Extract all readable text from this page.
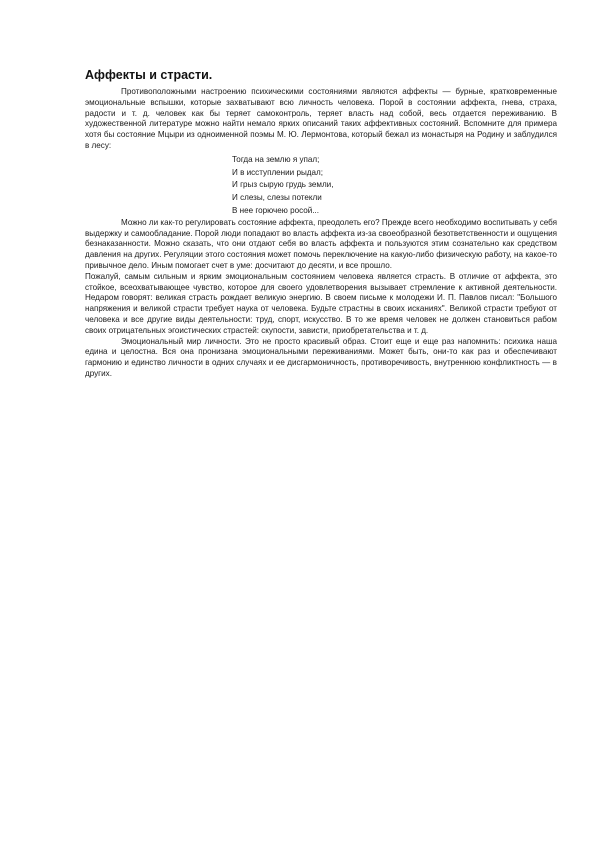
Аффекты и страсти.

Противоположными настроению психическими состояниями являются аффекты — бурные, кратковременные эмоциональные вспышки, которые захватывают всю личность человека. Порой в состоянии аффекта, гнева, страха, радости и т. д. человек как бы теряет самоконтроль, теряет власть над собой, весь отдается переживанию. В художественной литературе можно найти немало ярких описаний таких аффективных состояний. Вспомните для примера хотя бы состояние Мцыри из одноименной поэмы М. Ю. Лермонтова, который бежал из монастыря на Родину и заблудился в лесу:

Тогда на землю я упал;
И в исступлении рыдал;
И грыз сырую грудь земли,
И слезы, слезы потекли
В нее горючею росой...

Можно ли как-то регулировать состояние аффекта, преодолеть его? Прежде всего необходимо воспитывать у себя выдержку и самообладание. Порой люди попадают во власть аффекта из-за своеобразной безответственности и ощущения безнаказанности. Можно сказать, что они отдают себя во власть аффекта и пользуются этим сознательно как средством давления на других. Регуляции этого состояния может помочь переключение на какую-либо физическую работу, на какое-то привычное дело. Иным помогает счет в уме: досчитают до десяти, и все прошло.

Пожалуй, самым сильным и ярким эмоциональным состоянием человека является страсть. В отличие от аффекта, это стойкое, всеохватывающее чувство, которое для своего удовлетворения вызывает стремление к активной деятельности. Недаром говорят: великая страсть рождает великую энергию. В своем письме к молодежи И. П. Павлов писал: "Большого напряжения и великой страсти требует наука от человека. Будьте страстны в своих исканиях". Великой страсти требуют от человека и все другие виды деятельности: труд, спорт, искусство. В то же время человек не должен становиться рабом своих отрицательных эгоистических страстей: скупости, зависти, приобретательства и т. д.

Эмоциональный мир личности. Это не просто красивый образ. Стоит еще и еще раз напомнить: психика наша едина и целостна. Вся она пронизана эмоциональными переживаниями. Может быть, они-то как раз и обеспечивают гармонию и единство личности в одних случаях и ее дисгармоничность, противоречивость, внутреннюю конфликтность — в других.
